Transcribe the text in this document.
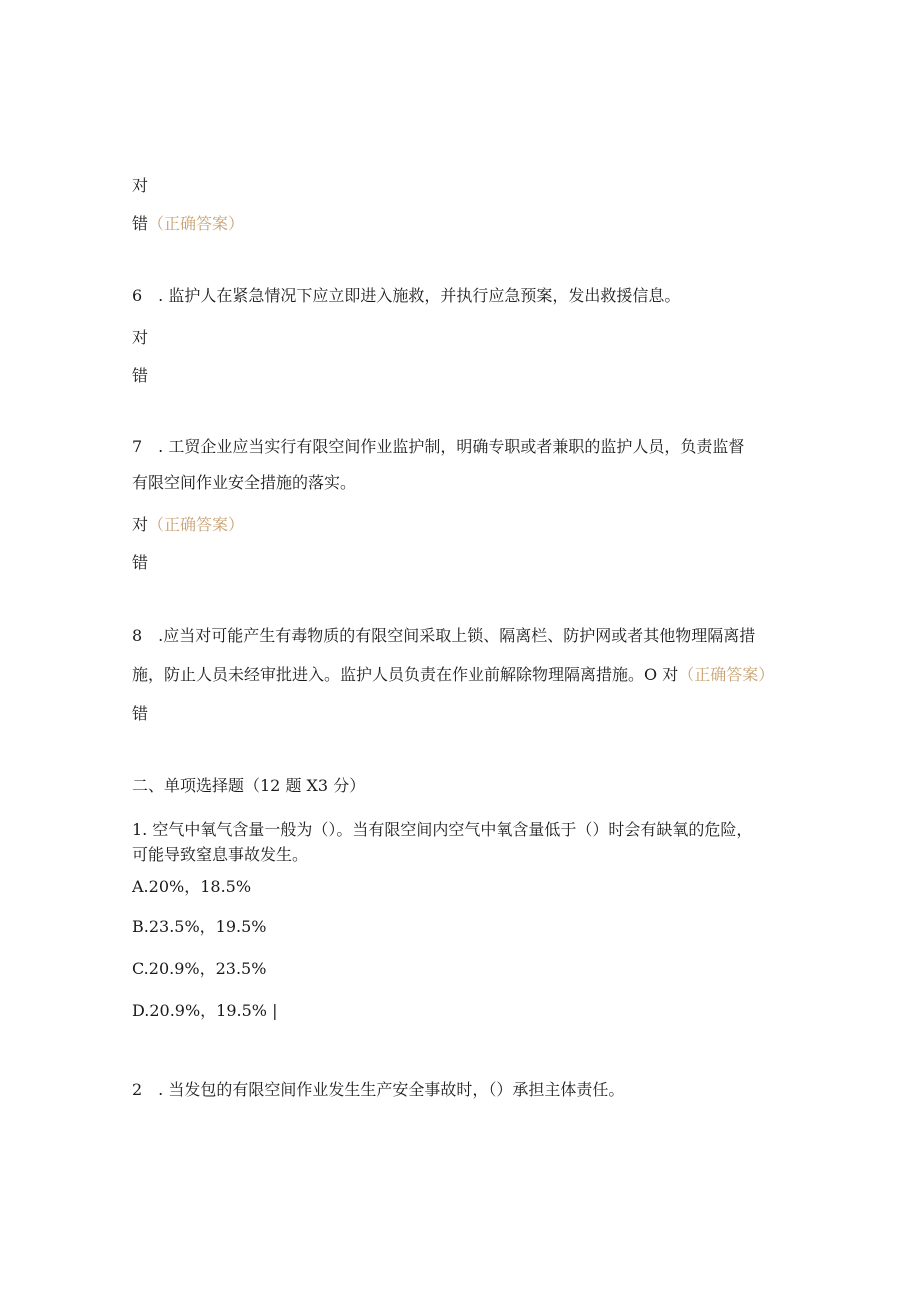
对
错（正确答案）
6　. 监护人在紧急情况下应立即进入施救，并执行应急预案，发出救援信息。
对
错
7　. 工贸企业应当实行有限空间作业监护制，明确专职或者兼职的监护人员，负责监督
有限空间作业安全措施的落实。
对（正确答案）
错
8　.应当对可能产生有毒物质的有限空间采取上锁、隔离栏、防护网或者其他物理隔离措
施，防止人员未经审批进入。监护人员负责在作业前解除物理隔离措施。O 对（正确答案）
错
二、单项选择题（12 题 X3 分）
1. 空气中氧气含量一般为（）。当有限空间内空气中氧含量低于（）时会有缺氧的危险，
可能导致窒息事故发生。
A.20%，18.5%
B.23.5%，19.5%
C.20.9%，23.5%
D.20.9%，19.5% |
2　. 当发包的有限空间作业发生生产安全事故时，（）承担主体责任。
